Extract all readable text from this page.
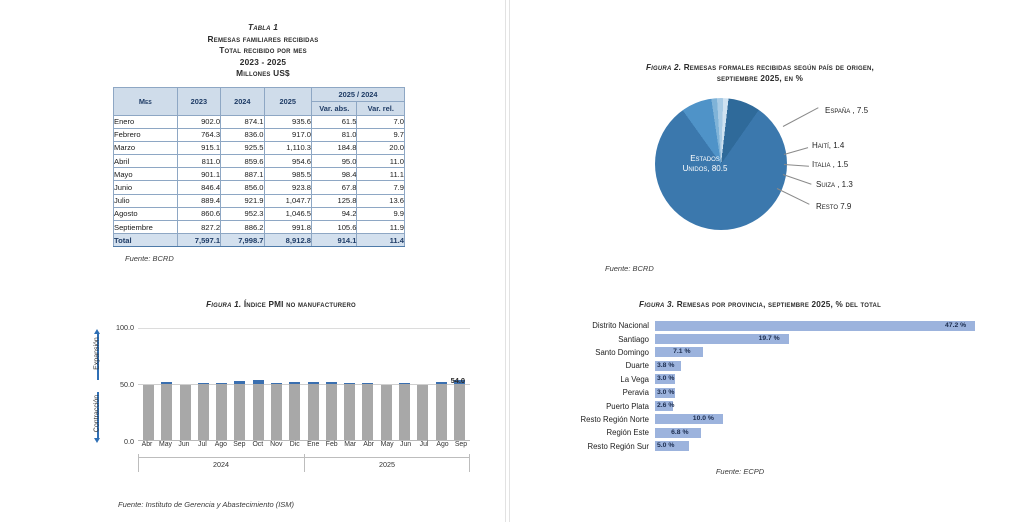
Tabla 1
Remesas familiares recibidas
Total recibido por mes
2023 - 2025
Millones US$
Mes	2023	2024	2025	2025 / 2024	
				Var. abs.	Var. rel.
Enero	902.0	874.1	935.6	61.5	7.0
Febrero	764.3	836.0	917.0	81.0	9.7
Marzo	915.1	925.5	1,110.3	184.8	20.0
Abril	811.0	859.6	954.6	95.0	11.0
Mayo	901.1	887.1	985.5	98.4	11.1
Junio	846.4	856.0	923.8	67.8	7.9
Julio	889.4	921.9	1,047.7	125.8	13.6
Agosto	860.6	952.3	1,046.5	94.2	9.9
Septiembre	827.2	886.2	991.8	105.6	11.9
Total	7,597.1	7,998.7	8,912.8	914.1	11.4
Fuente: BCRD
Figura 1. Índice PMI no manufacturero
Expansión
Contracción
100.0
50.0
0.0
54.0
Abr May Jun	Jul	Ago Sep	Oct	Nov	Dic	Ene Feb Mar	Abr May Jun	Jul	Ago Sep
2024	2025
Fuente: Instituto de Gerencia y Abastecimiento (ISM)
Figura 2. Remesas formales recibidas según país de origen,
septiembre 2025, en %
Estados
Unidos, 80.5
España , 7.5
Haití, 1.4
Italia , 1.5
Suiza , 1.3
Resto 7.9
Fuente: BCRD
Figura 3. Remesas por provincia, septiembre 2025, % del total
Distrito Nacional	47.2 %
Santiago	19.7 %
Santo Domingo	7.1 %
Duarte	3.8 %
La Vega	3.0 %
Peravia	3.0 %
Puerto Plata	2.6 %
Resto Región Norte	10.0 %
Región Este	6.8 %
Resto Región Sur	5.0 %
Fuente: ECPD
